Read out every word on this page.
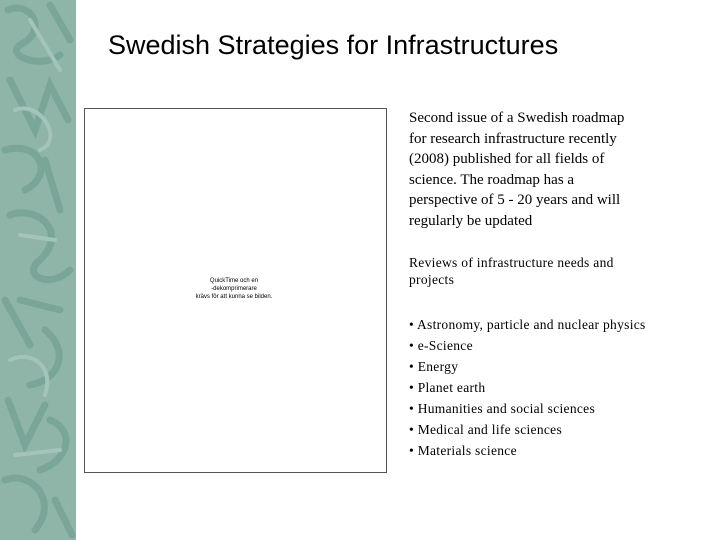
Swedish Strategies for Infrastructures
QuickTime och en
-dekomprimerare
krävs för att kunna se bilden.

Second issue of a Swedish roadmap
for research infrastructure recently
(2008) published for all fields of
science. The roadmap has a
perspective of 5 - 20 years and will
regularly be updated

Reviews of infrastructure needs and
projects

• Astronomy, particle and nuclear physics
• e-Science
• Energy
• Planet earth
• Humanities and social sciences
• Medical and life sciences
• Materials science
